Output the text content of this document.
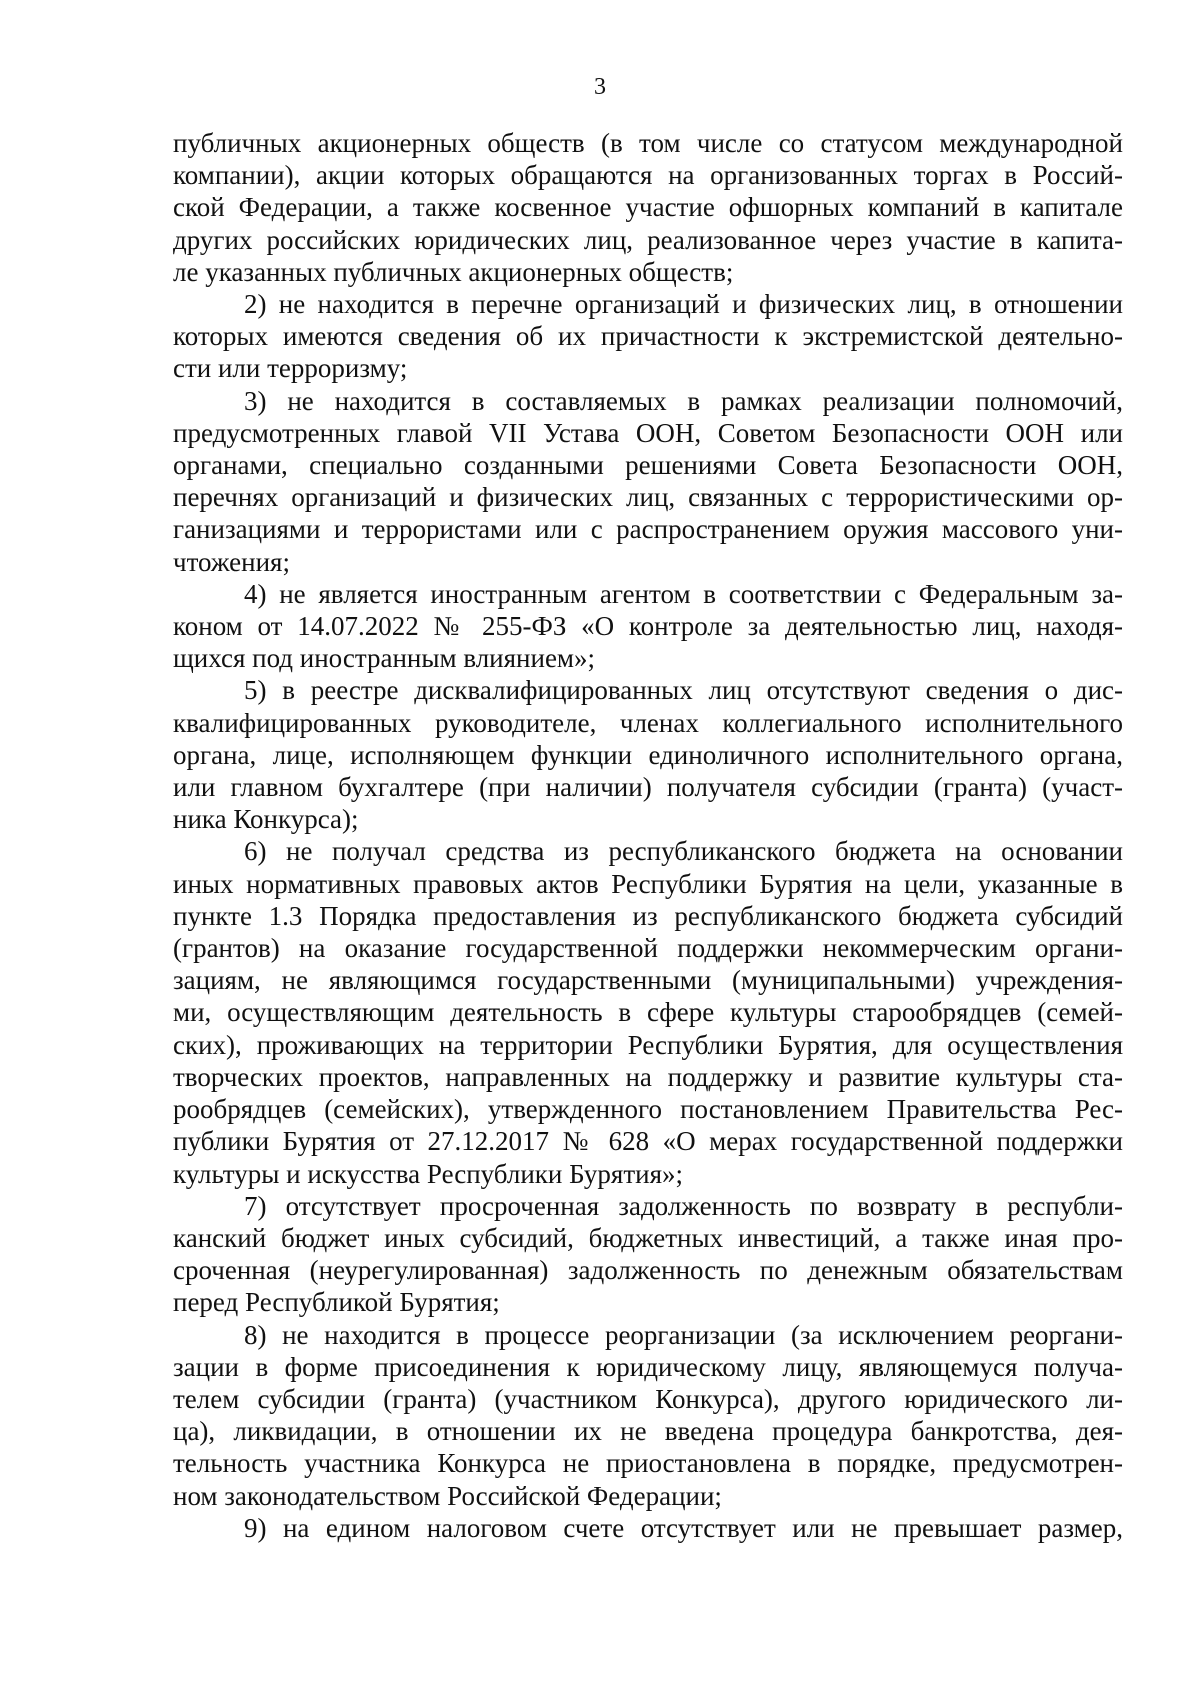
3
публичных акционерных обществ (в том числе со статусом международной
компании), акции которых обращаются на организованных торгах в Россий-
ской Федерации, а также косвенное участие офшорных компаний в капитале
других российских юридических лиц, реализованное через участие в капита-
ле указанных публичных акционерных обществ;
2) не находится в перечне организаций и физических лиц, в отношении
которых имеются сведения об их причастности к экстремистской деятельно-
сти или терроризму;
3) не находится в составляемых в рамках реализации полномочий,
предусмотренных главой VII Устава ООН, Советом Безопасности ООН или
органами, специально созданными решениями Совета Безопасности ООН,
перечнях организаций и физических лиц, связанных с террористическими ор-
ганизациями и террористами или с распространением оружия массового уни-
чтожения;
4) не является иностранным агентом в соответствии с Федеральным за-
коном от 14.07.2022 № 255-ФЗ «О контроле за деятельностью лиц, находя-
щихся под иностранным влиянием»;
5) в реестре дисквалифицированных лиц отсутствуют сведения о дис-
квалифицированных руководителе, членах коллегиального исполнительного
органа, лице, исполняющем функции единоличного исполнительного органа,
или главном бухгалтере (при наличии) получателя субсидии (гранта) (участ-
ника Конкурса);
6) не получал средства из республиканского бюджета на основании
иных нормативных правовых актов Республики Бурятия на цели, указанные в
пункте 1.3 Порядка предоставления из республиканского бюджета субсидий
(грантов) на оказание государственной поддержки некоммерческим органи-
зациям, не являющимся государственными (муниципальными) учреждения-
ми, осуществляющим деятельность в сфере культуры старообрядцев (семей-
ских), проживающих на территории Республики Бурятия, для осуществления
творческих проектов, направленных на поддержку и развитие культуры ста-
рообрядцев (семейских), утвержденного постановлением Правительства Рес-
публики Бурятия от 27.12.2017 № 628 «О мерах государственной поддержки
культуры и искусства Республики Бурятия»;
7) отсутствует просроченная задолженность по возврату в республи-
канский бюджет иных субсидий, бюджетных инвестиций, а также иная про-
сроченная (неурегулированная) задолженность по денежным обязательствам
перед Республикой Бурятия;
8) не находится в процессе реорганизации (за исключением реоргани-
зации в форме присоединения к юридическому лицу, являющемуся получа-
телем субсидии (гранта) (участником Конкурса), другого юридического ли-
ца), ликвидации, в отношении их не введена процедура банкротства, дея-
тельность участника Конкурса не приостановлена в порядке, предусмотрен-
ном законодательством Российской Федерации;
9) на едином налоговом счете отсутствует или не превышает размер,
